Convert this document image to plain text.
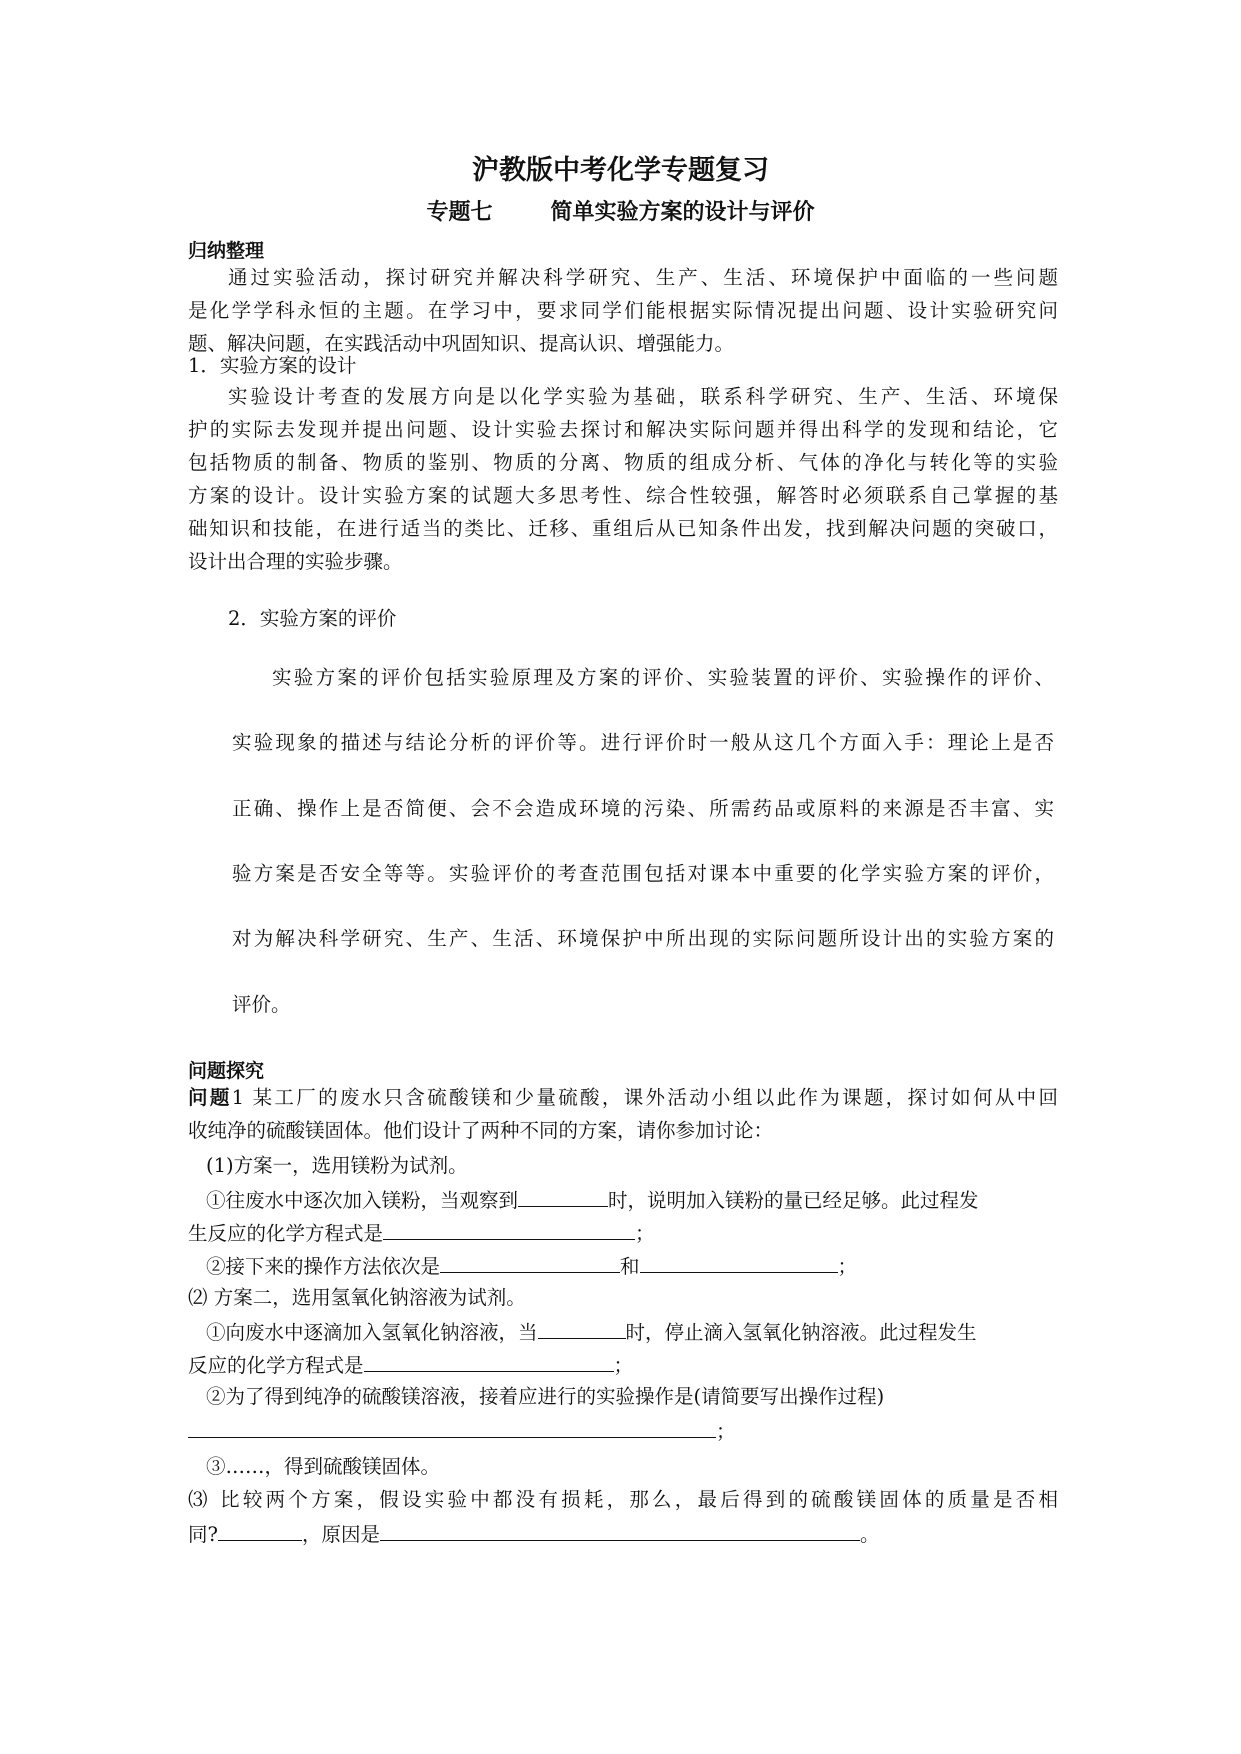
沪教版中考化学专题复习
专题七	简单实验方案的设计与评价
归纳整理
通过实验活动，探讨研究并解决科学研究、生产、生活、环境保护中面临的一些问题
是化学学科永恒的主题。在学习中，要求同学们能根据实际情况提出问题、设计实验研究问
题、解决问题，在实践活动中巩固知识、提高认识、增强能力。
1．实验方案的设计
实验设计考查的发展方向是以化学实验为基础，联系科学研究、生产、生活、环境保
护的实际去发现并提出问题、设计实验去探讨和解决实际问题并得出科学的发现和结论，它
包括物质的制备、物质的鉴别、物质的分离、物质的组成分析、气体的净化与转化等的实验
方案的设计。设计实验方案的试题大多思考性、综合性较强，解答时必须联系自己掌握的基
础知识和技能，在进行适当的类比、迁移、重组后从已知条件出发，找到解决问题的突破口，
设计出合理的实验步骤。
2．实验方案的评价
实验方案的评价包括实验原理及方案的评价、实验装置的评价、实验操作的评价、
实验现象的描述与结论分析的评价等。进行评价时一般从这几个方面入手：理论上是否
正确、操作上是否简便、会不会造成环境的污染、所需药品或原料的来源是否丰富、实
验方案是否安全等等。实验评价的考查范围包括对课本中重要的化学实验方案的评价，
对为解决科学研究、生产、生活、环境保护中所出现的实际问题所设计出的实验方案的
评价。
问题探究
问题1 某工厂的废水只含硫酸镁和少量硫酸，课外活动小组以此作为课题，探讨如何从中回
收纯净的硫酸镁固体。他们设计了两种不同的方案，请你参加讨论：
(1)方案一，选用镁粉为试剂。
①往废水中逐次加入镁粉，当观察到	时，说明加入镁粉的量已经足够。此过程发
生反应的化学方程式是	；
②接下来的操作方法依次是	和	；
⑵ 方案二，选用氢氧化钠溶液为试剂。
①向废水中逐滴加入氢氧化钠溶液，当	时，停止滴入氢氧化钠溶液。此过程发生
反应的化学方程式是	；
②为了得到纯净的硫酸镁溶液，接着应进行的实验操作是(请简要写出操作过程)
；
③……，得到硫酸镁固体。
⑶ 比较两个方案，假设实验中都没有损耗，那么，最后得到的硫酸镁固体的质量是否相
同?	，原因是	。
